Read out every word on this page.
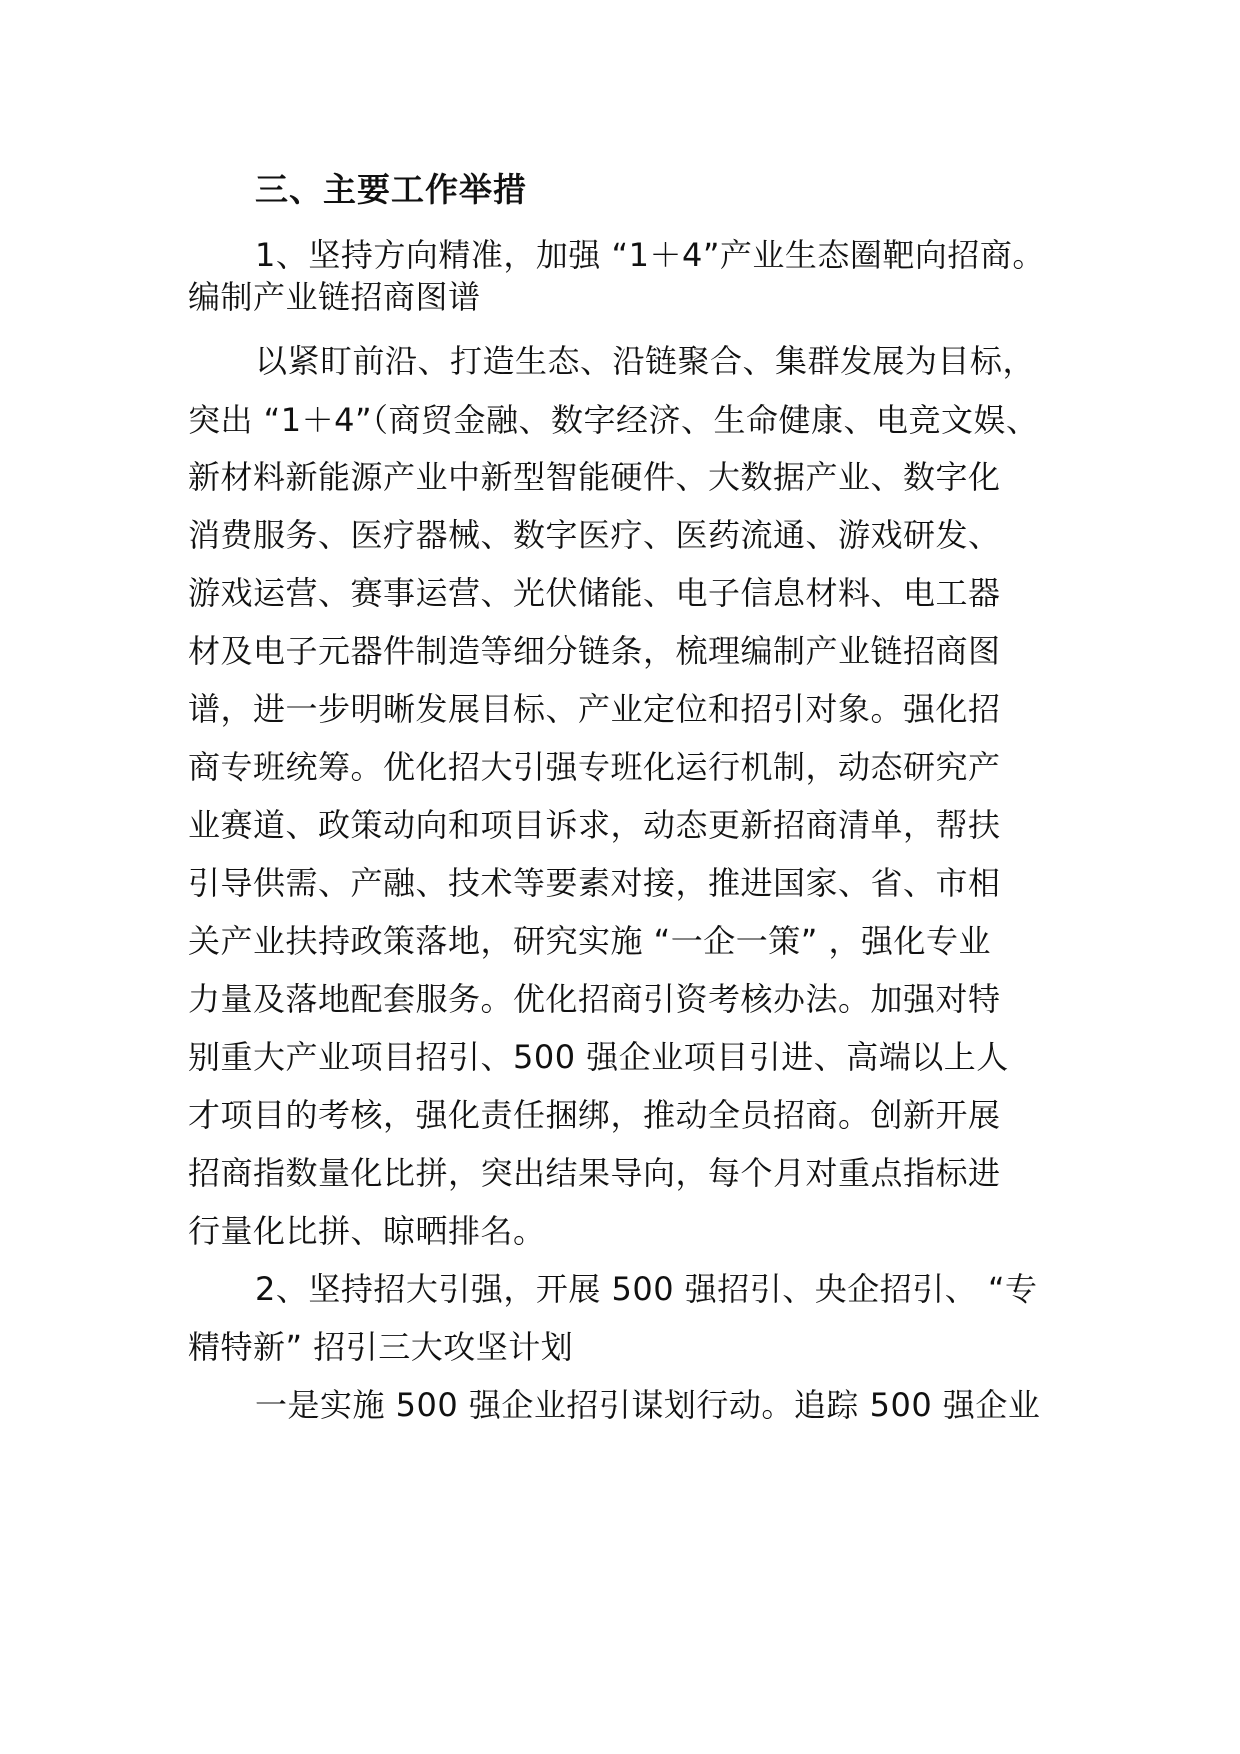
三、主要工作举措
1、坚持方向精准，加强 “1＋4”产业生态圈靶向招商。
编制产业链招商图谱
以紧盯前沿、打造生态、沿链聚合、集群发展为目标，
突出 “1＋4”（商贸金融、数字经济、生命健康、电竞文娱、
新材料新能源产业中新型智能硬件、大数据产业、数字化
消费服务、医疗器械、数字医疗、医药流通、游戏研发、
游戏运营、赛事运营、光伏储能、电子信息材料、电工器
材及电子元器件制造等细分链条，梳理编制产业链招商图
谱，进一步明晰发展目标、产业定位和招引对象。强化招
商专班统筹。优化招大引强专班化运行机制，动态研究产
业赛道、政策动向和项目诉求，动态更新招商清单，帮扶
引导供需、产融、技术等要素对接，推进国家、省、市相
关产业扶持政策落地，研究实施 “一企一策” ，强化专业
力量及落地配套服务。优化招商引资考核办法。加强对特
别重大产业项目招引、500 强企业项目引进、高端以上人
才项目的考核，强化责任捆绑，推动全员招商。创新开展
招商指数量化比拼，突出结果导向，每个月对重点指标进
行量化比拼、晾晒排名。
2、坚持招大引强，开展 500 强招引、央企招引、 “专
精特新” 招引三大攻坚计划
一是实施 500 强企业招引谋划行动。追踪 500 强企业
